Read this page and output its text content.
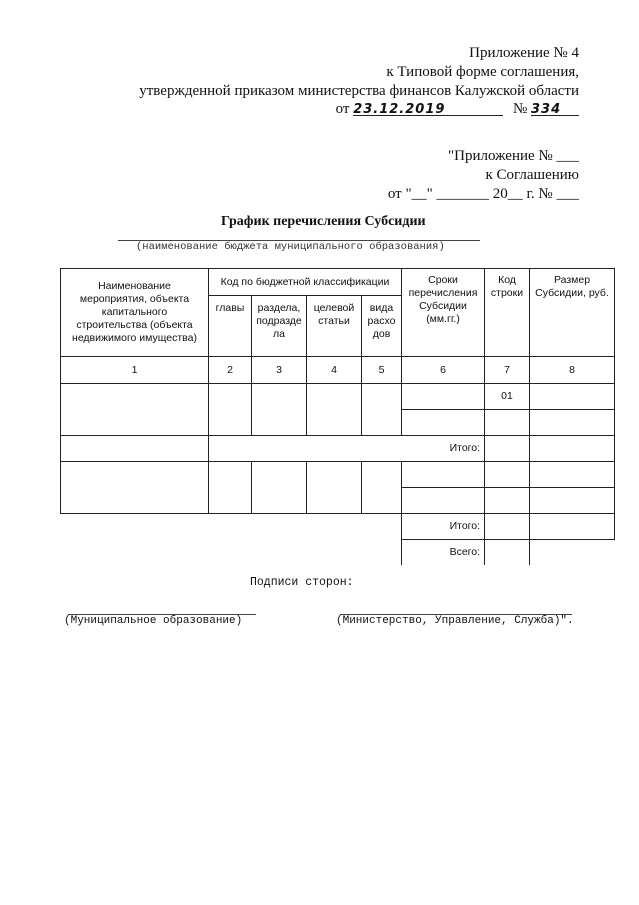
Приложение № 4
к Типовой форме соглашения,
утвержденной приказом министерства финансов Калужской области
от 23.12.2019	№ 334
"Приложение № ___
к Соглашению
от "__" _______ 20__ г. № ___
График перечисления Субсидии
(наименование бюджета муниципального образования)
Наименование мероприятия, объекта капитального строительства (объекта недвижимого имущества)	Код по бюджетной классификации				Сроки перечисления Субсидии (мм.гг.)	Код строки	Размер Субсидии, руб.
	главы	раздела, подразде ла	целевой статьи	вида расхо дов			
1	2	3	4	5	6	7	8
						01	

	Итого:						

					Итого:		
					Всего:		
Подписи сторон:
(Муниципальное образование)	(Министерство, Управление, Служба)".
